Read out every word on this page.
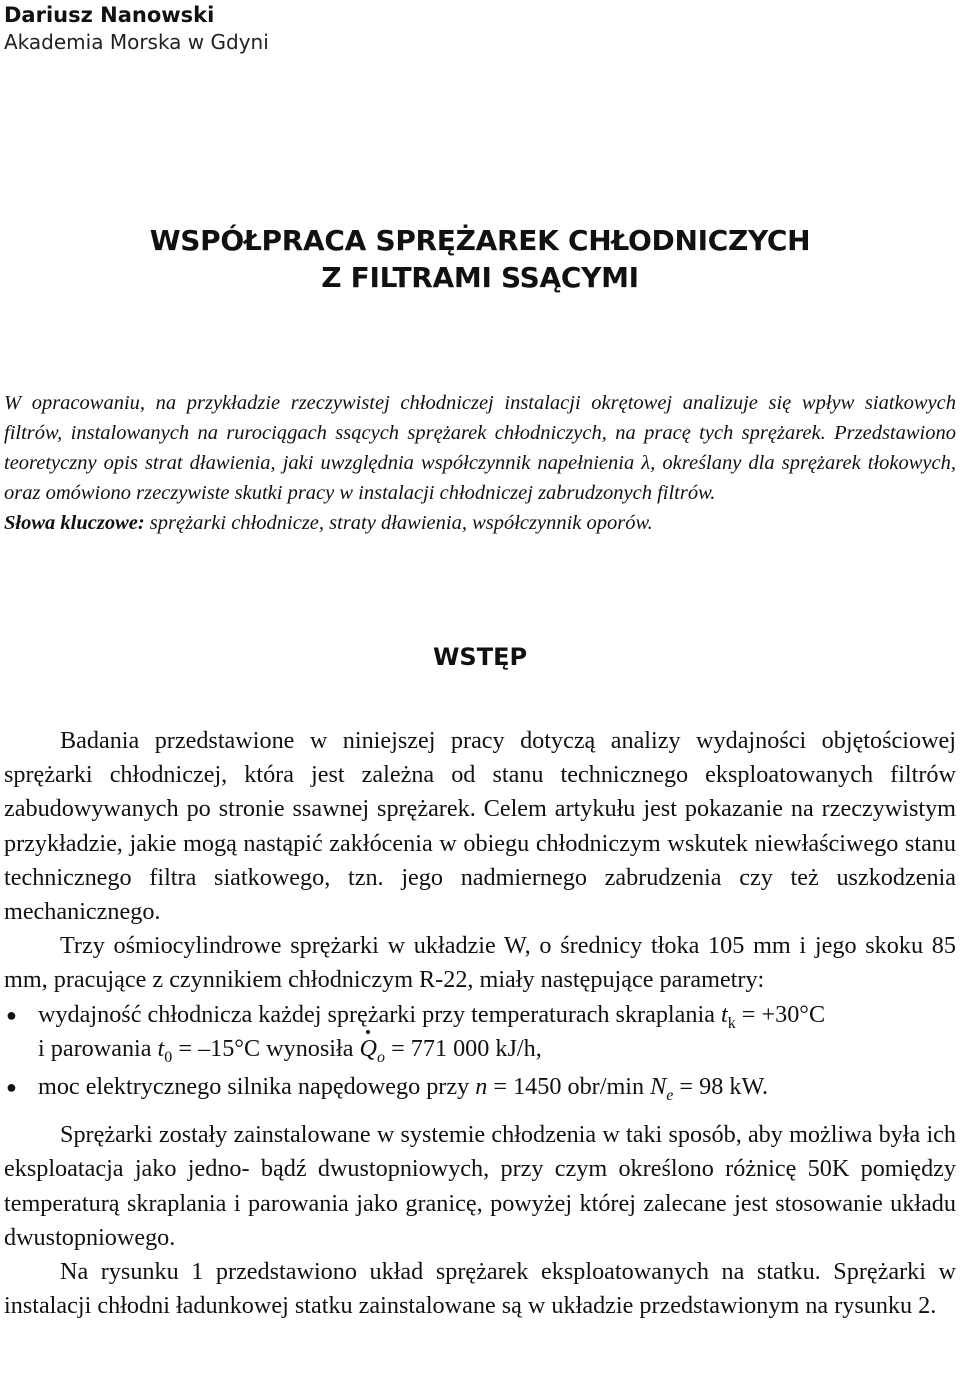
Dariusz Nanowski
Akademia Morska w Gdyni
WSPÓŁPRACA SPRĘŻAREK CHŁODNICZYCH
Z FILTRAMI SSĄCYMI

W opracowaniu, na przykładzie rzeczywistej chłodniczej instalacji okrętowej analizuje się wpływ siatkowych filtrów, instalowanych na rurociągach ssących sprężarek chłodniczych, na pracę tych sprężarek. Przedstawiono teoretyczny opis strat dławienia, jaki uwzględnia współczynnik napełnienia λ, określany dla sprężarek tłokowych, oraz omówiono rzeczywiste skutki pracy w instalacji chłodniczej zabrudzonych filtrów.

Słowa kluczowe: sprężarki chłodnicze, straty dławienia, współczynnik oporów.

WSTĘP

Badania przedstawione w niniejszej pracy dotyczą analizy wydajności objętościowej sprężarki chłodniczej, która jest zależna od stanu technicznego eksploatowanych filtrów zabudowywanych po stronie ssawnej sprężarek. Celem artykułu jest pokazanie na rzeczywistym przykładzie, jakie mogą nastąpić zakłócenia w obiegu chłodniczym wskutek niewłaściwego stanu technicznego filtra siatkowego, tzn. jego nadmiernego zabrudzenia czy też uszkodzenia mechanicznego.

Trzy ośmiocylindrowe sprężarki w układzie W, o średnicy tłoka 105 mm i jego skoku 85 mm, pracujące z czynnikiem chłodniczym R-22, miały następujące parametry:

● wydajność chłodnicza każdej sprężarki przy temperaturach skraplania $t_k = +30^\circ C$
i parowania $t_0 = -15^\circ C$ wynosiła $Q_o = 771$ 000 kJ/h,
● moc elektrycznego silnika napędowego przy n = 1450 obr/min $N_e = 98$ kW.

Sprężarki zostały zainstalowane w systemie chłodzenia w taki sposób, aby możliwa była ich eksploatacja jako jedno- bądź dwustopniowych, przy czym określono różnicę 50K pomiędzy temperaturą skraplania i parowania jako granicę, powyżej której zalecane jest stosowanie układu dwustopniowego.

Na rysunku 1 przedstawiono układ sprężarek eksploatowanych na statku. Sprężarki w instalacji chłodni ładunkowej statku zainstalowane są w układzie przedstawionym na rysunku 2.
